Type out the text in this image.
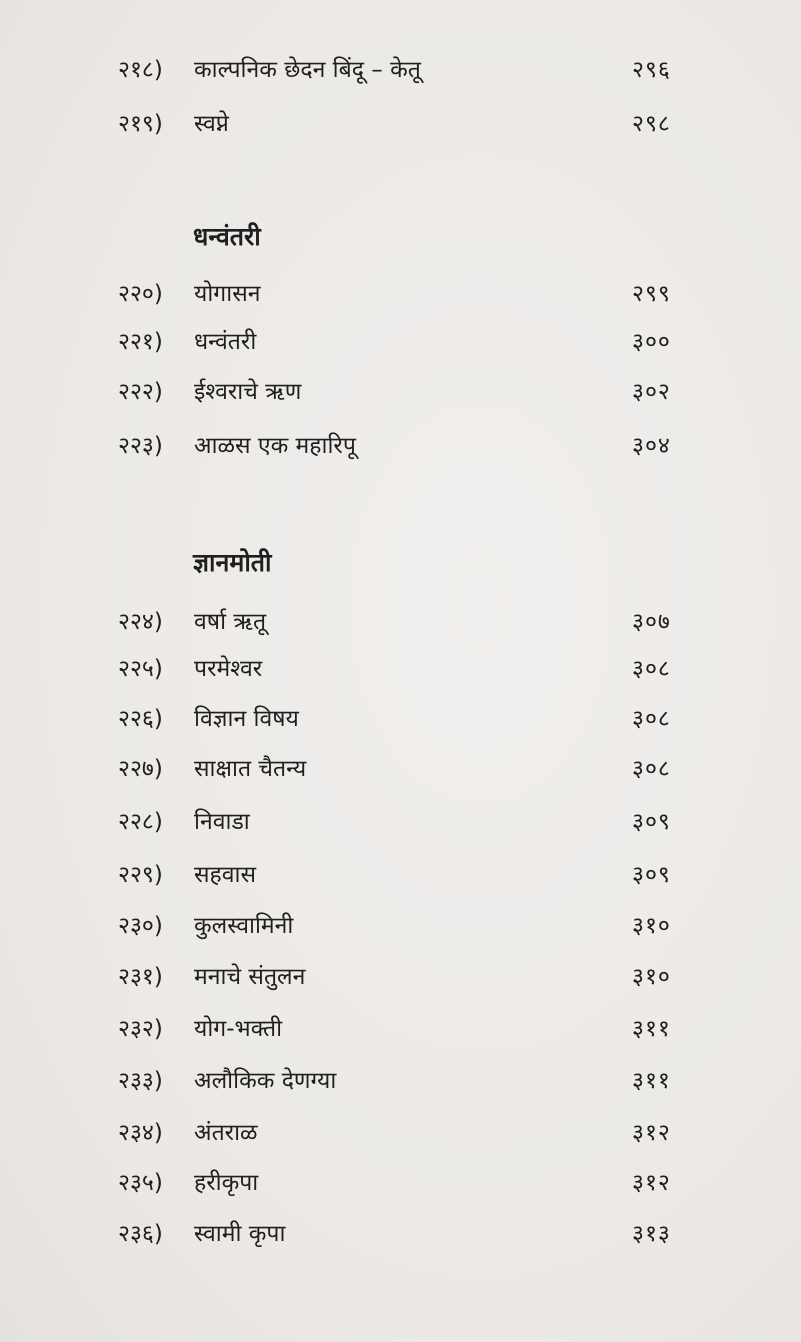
२१८) काल्पनिक छेदन बिंदू – केतू	२९६
२१९) स्वप्ने	२९८
धन्वंतरी
२२०) योगासन	२९९
२२१) धन्वंतरी	३००
२२२) ईश्वराचे ऋण	३०२
२२३) आळस एक महारिपू	३०४
ज्ञानमोती
२२४) वर्षा ऋतू	३०७
२२५) परमेश्वर	३०८
२२६) विज्ञान विषय	३०८
२२७) साक्षात चैतन्य	३०८
२२८) निवाडा	३०९
२२९) सहवास	३०९
२३०) कुलस्वामिनी	३१०
२३१) मनाचे संतुलन	३१०
२३२) योग-भक्ती	३११
२३३) अलौकिक देणग्या	३११
२३४) अंतराळ	३१२
२३५) हरीकृपा	३१२
२३६) स्वामी कृपा	३१३
